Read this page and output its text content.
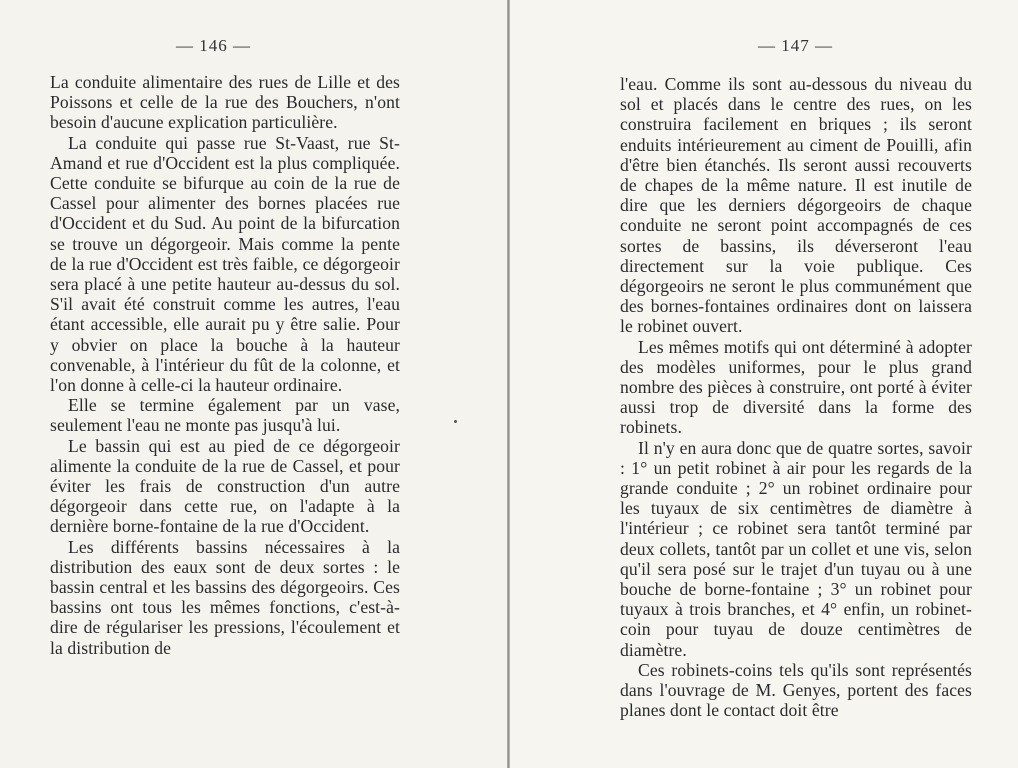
— 146 —

La conduite alimentaire des rues de Lille et des Poissons et celle de la rue des Bouchers, n'ont besoin d'aucune explication particulière.

La conduite qui passe rue St-Vaast, rue St-Amand et rue d'Occident est la plus compliquée. Cette conduite se bifurque au coin de la rue de Cassel pour alimenter des bornes placées rue d'Occident et du Sud. Au point de la bifurcation se trouve un dégorgeoir. Mais comme la pente de la rue d'Occident est très faible, ce dégorgeoir sera placé à une petite hauteur au-dessus du sol. S'il avait été construit comme les autres, l'eau étant accessible, elle aurait pu y être salie. Pour y obvier on place la bouche à la hauteur convenable, à l'intérieur du fût de la colonne, et l'on donne à celle-ci la hauteur ordinaire.

Elle se termine également par un vase, seulement l'eau ne monte pas jusqu'à lui.

Le bassin qui est au pied de ce dégorgeoir alimente la conduite de la rue de Cassel, et pour éviter les frais de construction d'un autre dégorgeoir dans cette rue, on l'adapte à la dernière borne-fontaine de la rue d'Occident.

Les différents bassins nécessaires à la distribution des eaux sont de deux sortes : le bassin central et les bassins des dégorgeoirs. Ces bassins ont tous les mêmes fonctions, c'est-à-dire de régulariser les pressions, l'écoulement et la distribution de

— 147 —

l'eau. Comme ils sont au-dessous du niveau du sol et placés dans le centre des rues, on les construira facilement en briques ; ils seront enduits intérieurement au ciment de Pouilli, afin d'être bien étanchés. Ils seront aussi recouverts de chapes de la même nature. Il est inutile de dire que les derniers dégorgeoirs de chaque conduite ne seront point accompagnés de ces sortes de bassins, ils déverseront l'eau directement sur la voie publique. Ces dégorgeoirs ne seront le plus communément que des bornes-fontaines ordinaires dont on laissera le robinet ouvert.

Les mêmes motifs qui ont déterminé à adopter des modèles uniformes, pour le plus grand nombre des pièces à construire, ont porté à éviter aussi trop de diversité dans la forme des robinets.

Il n'y en aura donc que de quatre sortes, savoir : 1° un petit robinet à air pour les regards de la grande conduite ; 2° un robinet ordinaire pour les tuyaux de six centimètres de diamètre à l'intérieur ; ce robinet sera tantôt terminé par deux collets, tantôt par un collet et une vis, selon qu'il sera posé sur le trajet d'un tuyau ou à une bouche de borne-fontaine ; 3° un robinet pour tuyaux à trois branches, et 4° enfin, un robinet-coin pour tuyau de douze centimètres de diamètre.

Ces robinets-coins tels qu'ils sont représentés dans l'ouvrage de M. Genyes, portent des faces planes dont le contact doit être
